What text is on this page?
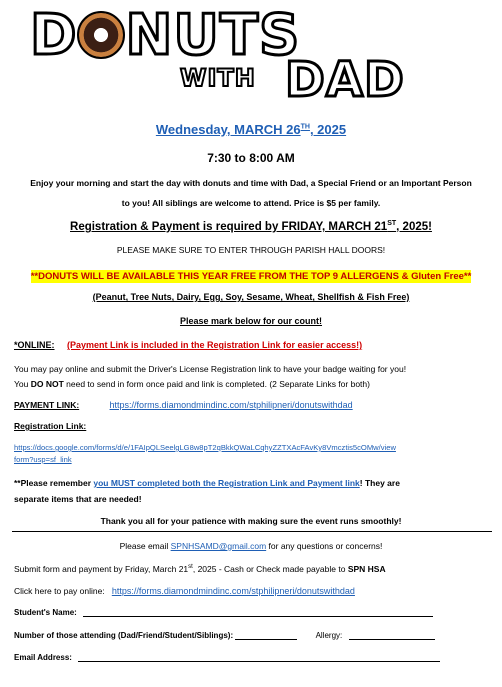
D NUTS
WITH DAD
Wednesday, MARCH 26TH, 2025
7:30 to 8:00 AM
Enjoy your morning and start the day with donuts and time with Dad, a Special Friend or an Important Person
to you! All siblings are welcome to attend. Price is $5 per family.
Registration & Payment is required by FRIDAY, MARCH 21ST, 2025!
PLEASE MAKE SURE TO ENTER THROUGH PARISH HALL DOORS!
**DONUTS WILL BE AVAILABLE THIS YEAR FREE FROM THE TOP 9 ALLERGENS & Gluten Free**
(Peanut, Tree Nuts, Dairy, Egg, Soy, Sesame, Wheat, Shellfish & Fish Free)
Please mark below for our count!
*ONLINE: (Payment Link is included in the Registration Link for easier access!)
You may pay online and submit the Driver's License Registration link to have your badge waiting for you!
You DO NOT need to send in form once paid and link is completed. (2 Separate Links for both)
PAYMENT LINK:	https://forms.diamondmindinc.com/stphilipneri/donutswithdad
Registration Link:
https://docs.google.com/forms/d/e/1FAIpQLSeelgLG8w8pT2qBkkQWaLCqhyZZTXAcFAvKy8Vmcztis5cOMw/view
form?usp=sf_link
**Please remember you MUST completed both the Registration Link and Payment link! They are
separate items that are needed!
Thank you all for your patience with making sure the event runs smoothly!
Please email SPNHSAMD@gmail.com for any questions or concerns!
Submit form and payment by Friday, March 21st, 2025 - Cash or Check made payable to SPN HSA
Click here to pay online:   https://forms.diamondmindinc.com/stphilipneri/donutswithdad
Student's Name:
Number of those attending (Dad/Friend/Student/Siblings):	Allergy:
Email Address:
